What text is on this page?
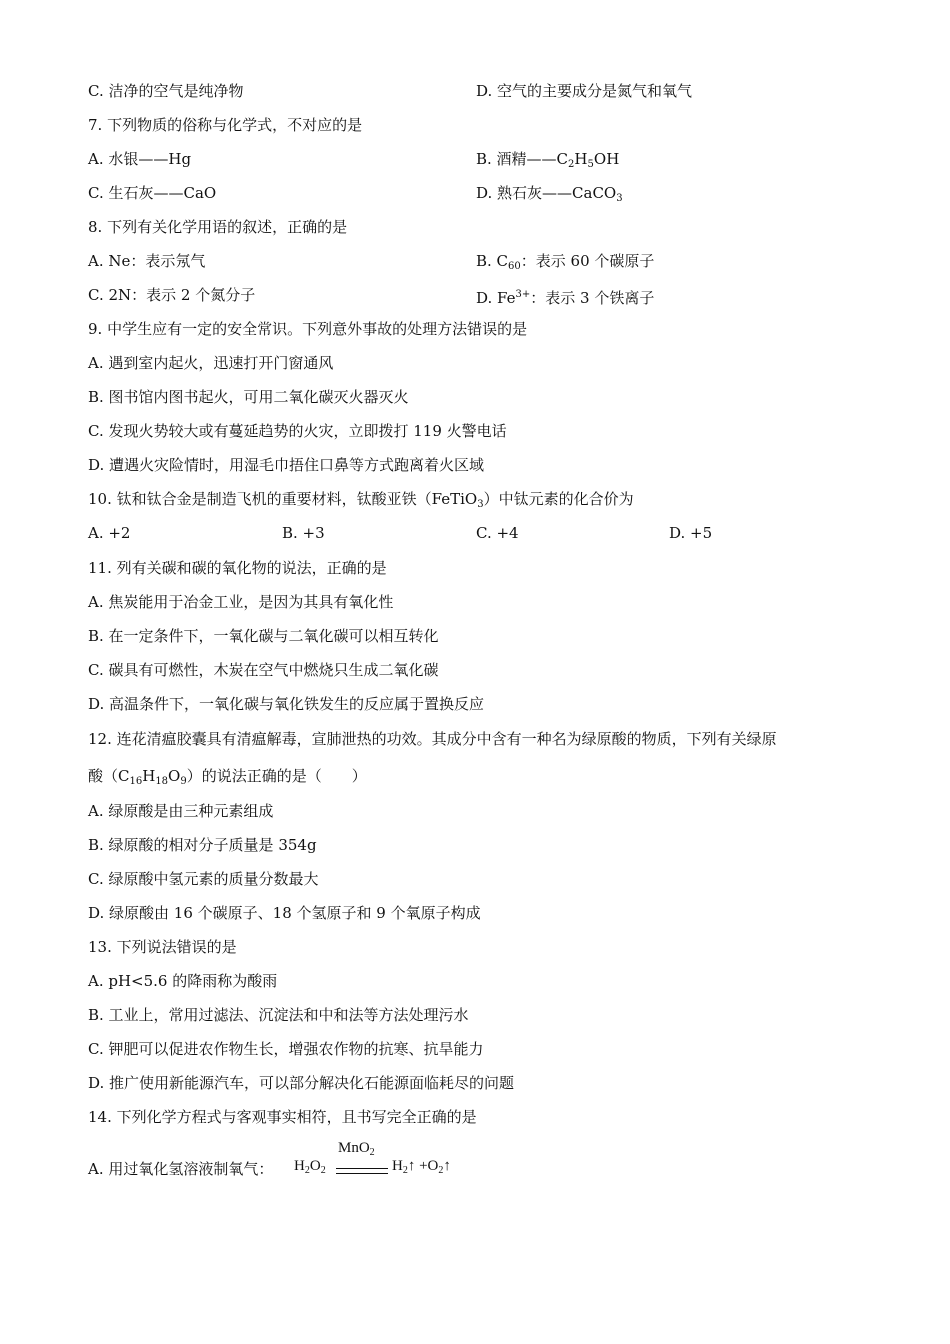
C. 洁净的空气是纯净物	D. 空气的主要成分是氮气和氧气
7. 下列物质的俗称与化学式，不对应的是
A. 水银——Hg	B. 酒精$——C_2H_5OH$
C. 生石灰——CaO	D. 熟石灰——CaCO$_3$
8. 下列有关化学用语的叙述，正确的是
A. Ne：表示氖气	B. $C_{60}$：表示 60 个碳原子
C. 2N：表示 2 个氮分子	D. $Fe^{3+}$：表示 3 个铁离子
9. 中学生应有一定的安全常识。下列意外事故的处理方法错误的是
A. 遇到室内起火，迅速打开门窗通风
B. 图书馆内图书起火，可用二氧化碳灭火器灭火
C. 发现火势较大或有蔓延趋势的火灾，立即拨打 119 火警电话
D. 遭遇火灾险情时，用湿毛巾捂住口鼻等方式跑离着火区域
10. 钛和钛合金是制造飞机的重要材料，钛酸亚铁（FeTiO$_3$）中钛元素的化合价为
A. +2	B. +3	C. +4	D. +5
11. 列有关碳和碳的氧化物的说法，正确的是
A. 焦炭能用于冶金工业，是因为其具有氧化性
B. 在一定条件下，一氧化碳与二氧化碳可以相互转化
C. 碳具有可燃性，木炭在空气中燃烧只生成二氧化碳
D. 高温条件下，一氧化碳与氧化铁发生的反应属于置换反应
12. 连花清瘟胶囊具有清瘟解毒，宣肺泄热的功效。其成分中含有一种名为绿原酸的物质，下列有关绿原
酸$(C_{16}H_{18}O_9)$的说法正确的是（　　）
A. 绿原酸是由三种元素组成
B. 绿原酸的相对分子质量是 354g
C. 绿原酸中氢元素的质量分数最大
D. 绿原酸由 16 个碳原子、18 个氢原子和 9 个氧原子构成
13. 下列说法错误的是
A. pH<5.6 的降雨称为酸雨
B. 工业上，常用过滤法、沉淀法和中和法等方法处理污水
C. 钾肥可以促进农作物生长，增强农作物的抗寒、抗旱能力
D. 推广使用新能源汽车，可以部分解决化石能源面临耗尽的问题
14. 下列化学方程式与客观事实相符，且书写完全正确的是
A. 用过氧化氢溶液制氧气： $H_2O_2$
MnO$_2$
$H_2↑$ $+O_2↑$
